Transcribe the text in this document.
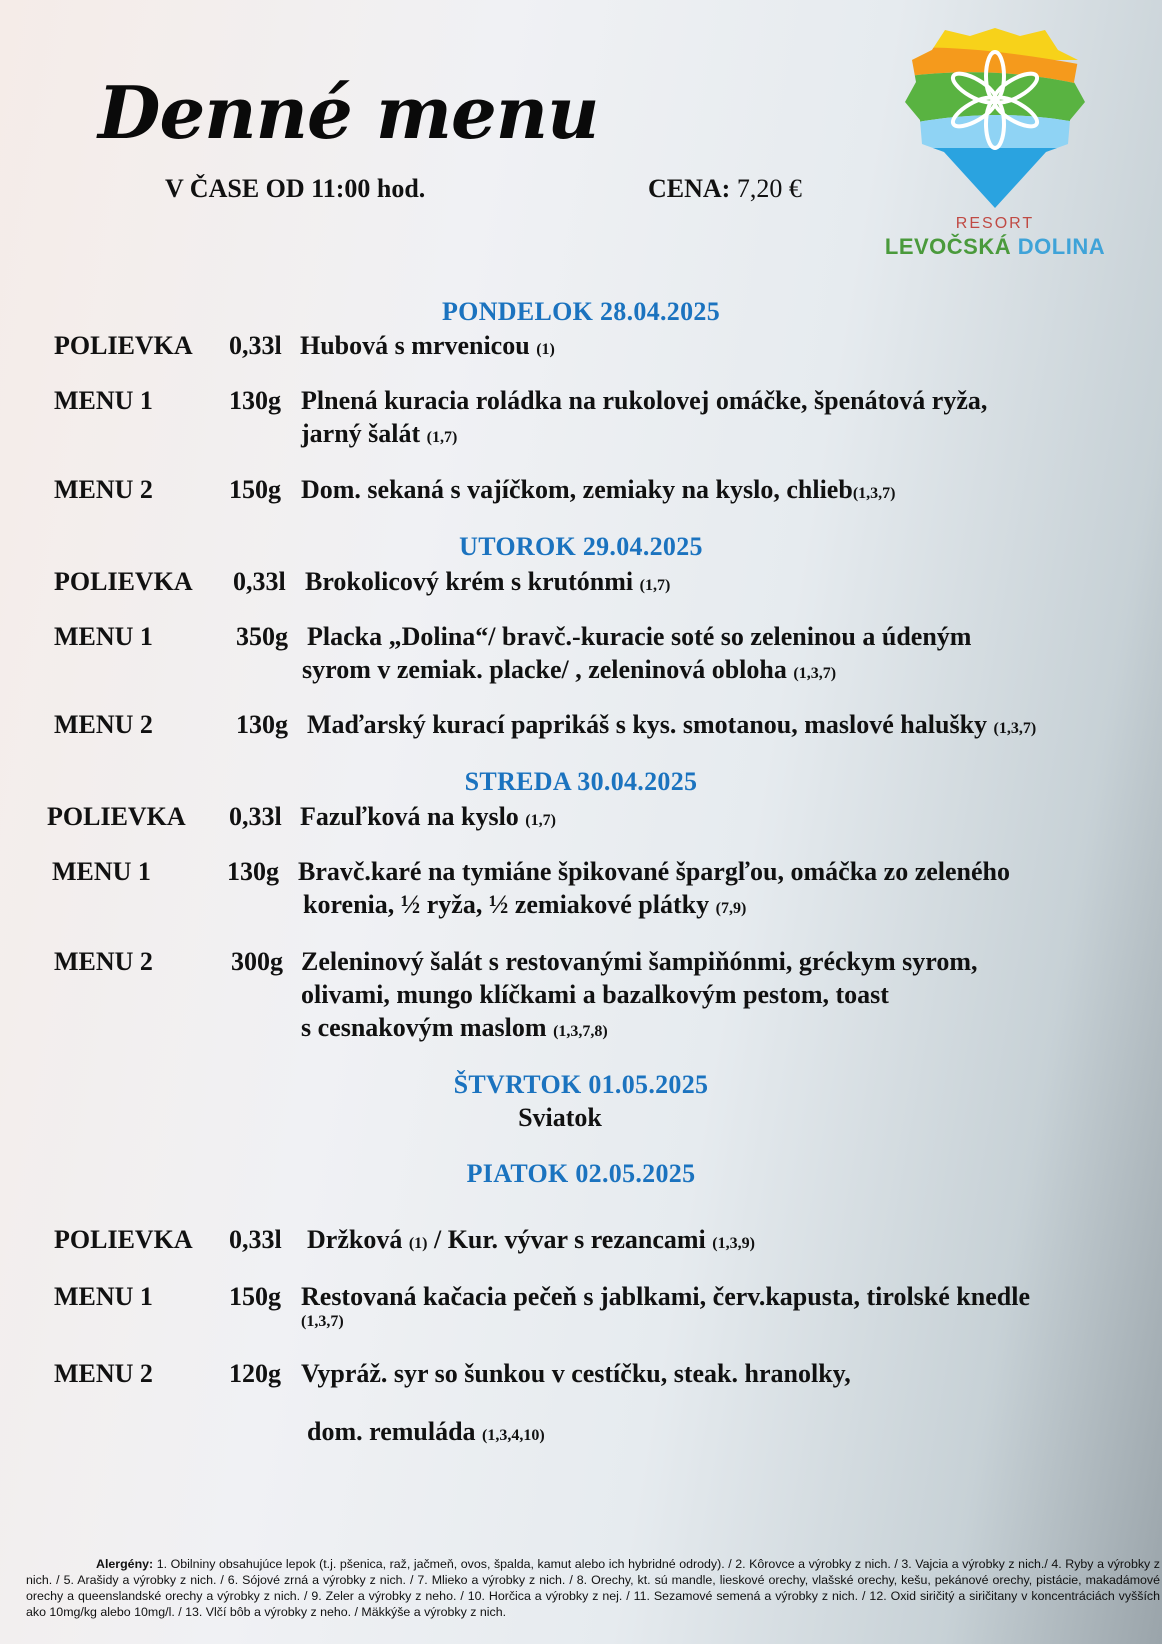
Denné menu
V ČASE OD 11:00 hod.	CENA: 7,20 €
RESORT
LEVOČSKÁ DOLINA
PONDELOK 28.04.2025
POLIEVKA 0,33l Hubová s mrvenicou (1)
MENU 1	130g Plnená kuracia roládka na rukolovej omáčke, špenátová ryža,
jarný šalát (1,7)
MENU 2	150g Dom. sekaná s vajíčkom, zemiaky na kyslo, chlieb(1,3,7)
UTOROK 29.04.2025
POLIEVKA 0,33l Brokolicový krém s krutónmi (1,7)
MENU 1	350g Placka „Dolina“/ bravč.-kuracie soté so zeleninou a údeným
syrom v zemiak. placke/ , zeleninová obloha (1,3,7)
MENU 2	130g Maďarský kurací paprikáš s kys. smotanou, maslové halušky (1,3,7)
STREDA 30.04.2025
POLIEVKA 0,33l Fazuľková na kyslo (1,7)
MENU 1	130g Bravč.karé na tymiáne špikované špargľou, omáčka zo zeleného
korenia, ½ ryža, ½ zemiakové plátky (7,9)
MENU 2	300g Zeleninový šalát s restovanými šampiňónmi, gréckym syrom,
olivami, mungo klíčkami a bazalkovým pestom, toast
s cesnakovým maslom (1,3,7,8)
ŠTVRTOK 01.05.2025
Sviatok
PIATOK 02.05.2025
POLIEVKA 0,33l Držková (1) / Kur. vývar s rezancami (1,3,9)
MENU 1	150g Restovaná kačacia pečeň s jablkami, červ.kapusta, tirolské knedle
(1,3,7)
MENU 2	120g Vypráž. syr so šunkou v cestíčku, steak. hranolky,
dom. remuláda (1,3,4,10)
Alergény: 1. Obilniny obsahujúce lepok (t.j. pšenica, raž, jačmeň, ovos, špalda, kamut alebo ich hybridné odrody). / 2. Kôrovce a výrobky z nich. / 3. Vajcia a výrobky z nich./ 4. Ryby a výrobky z nich. / 5. Arašidy a výrobky z nich. / 6. Sójové zrná a výrobky z nich. / 7. Mlieko a výrobky z nich. / 8. Orechy, kt. sú mandle, lieskové orechy, vlašské orechy, kešu, pekánové orechy, pistácie, makadámové orechy a queenslandské orechy a výrobky z nich. / 9. Zeler a výrobky z neho. / 10. Horčica a výrobky z nej. / 11. Sezamové semená a výrobky z nich. / 12. Oxid siričitý a siričitany v koncentráciách vyšších ako 10mg/kg alebo 10mg/l. / 13. Vlčí bôb a výrobky z neho. / Mäkkýše a výrobky z nich.
